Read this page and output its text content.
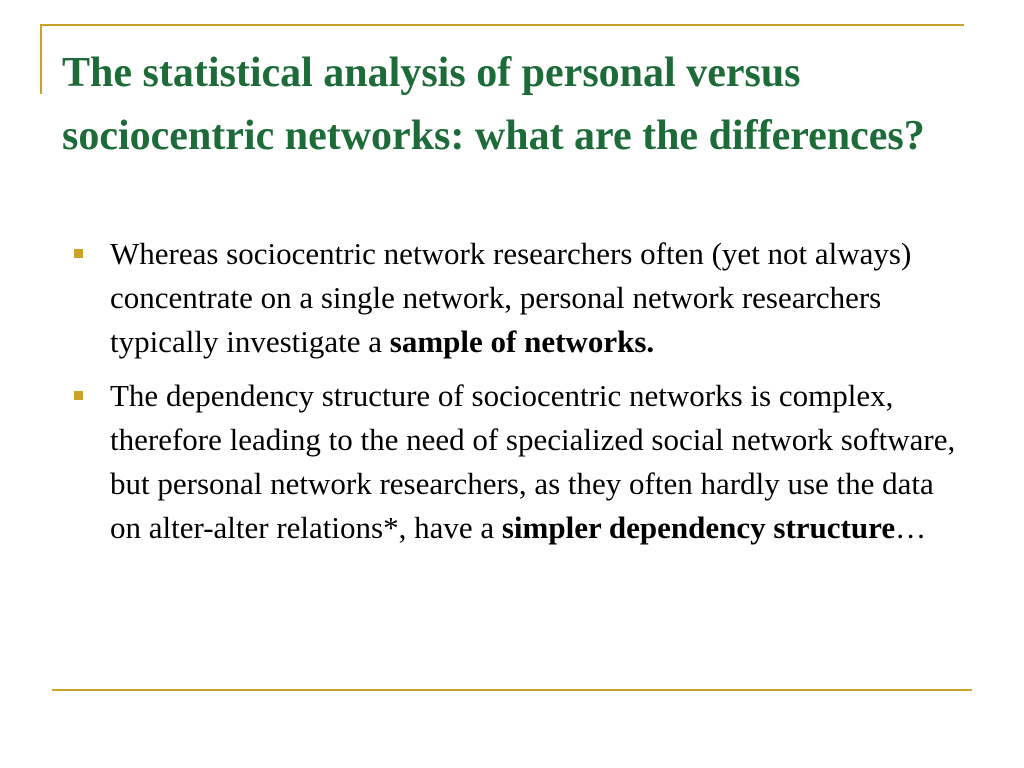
The statistical analysis of personal versus sociocentric networks: what are the differences?
Whereas sociocentric network researchers often (yet not always) concentrate on a single network, personal network researchers typically investigate a sample of networks.
The dependency structure of sociocentric networks is complex, therefore leading to the need of specialized social network software, but personal network researchers, as they often hardly use the data on alter-alter relations*, have a simpler dependency structure…
